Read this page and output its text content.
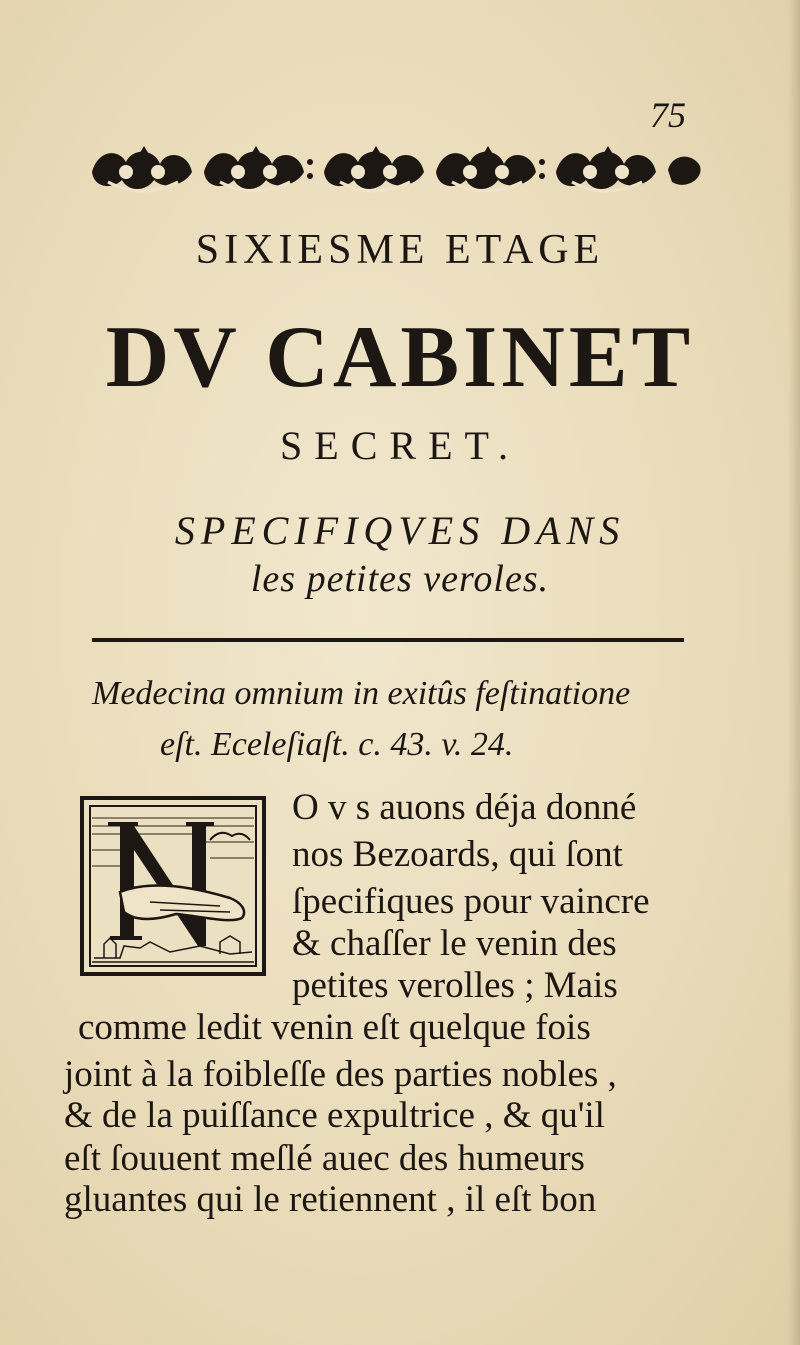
75
SIXIESME ETAGE
DV CABINET
SECRET.
SPECIFIQVES DANS
les petites veroles.
Medecina omnium in exitûs feſtinatione
eſt. Eceleſiaſt. c. 43. v. 24.
O v s auons déja donné
nos Bezoards, qui ſont
ſpecifiques pour vaincre
& chaſſer le venin des
petites verolles ; Mais
comme ledit venin eſt quelque fois
joint à la foibleſſe des parties nobles ,
& de la puiſſance expultrice , & qu'il
eſt ſouuent meſlé auec des humeurs
gluantes qui le retiennent , il eſt bon
